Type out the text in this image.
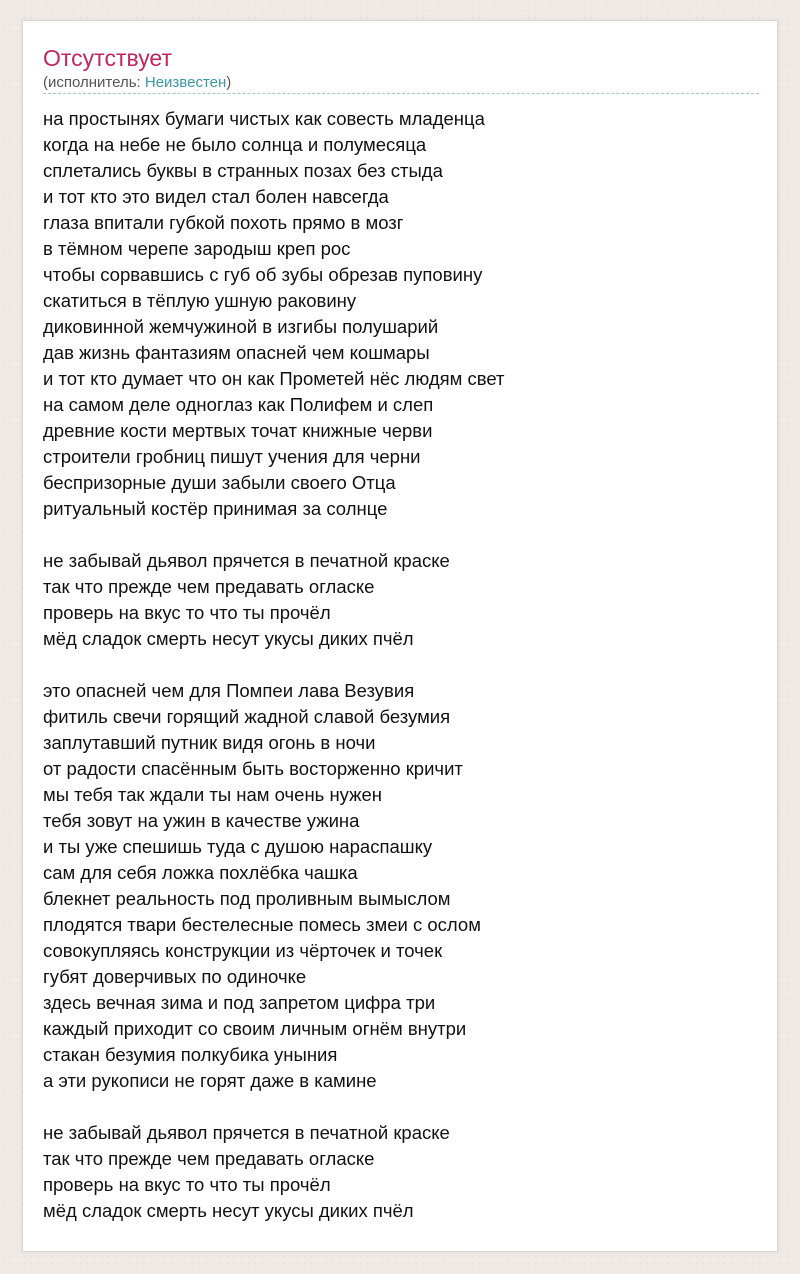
Отсутствует
(исполнитель: Неизвестен)
на простынях бумаги чистых как совесть младенца
когда на небе не было солнца и полумесяца
сплетались буквы в странных позах без стыда
и тот кто это видел стал болен навсегда
глаза впитали губкой похоть прямо в мозг
в тёмном черепе зародыш креп рос
чтобы сорвавшись с губ об зубы обрезав пуповину
скатиться в тёплую ушную раковину
диковинной жемчужиной в изгибы полушарий
дав жизнь фантазиям опасней чем кошмары
и тот кто думает что он как Прометей нёс людям свет
на самом деле одноглаз как Полифем и слеп
древние кости мертвых точат книжные черви
строители гробниц пишут учения для черни
беспризорные души забыли своего Отца
ритуальный костёр принимая за солнце
не забывай дьявол прячется в печатной краске
так что прежде чем предавать огласке
проверь на вкус то что ты прочёл
мёд сладок смерть несут укусы диких пчёл
это опасней чем для Помпеи лава Везувия
фитиль свечи горящий жадной славой безумия
заплутавший путник видя огонь в ночи
от радости спасённым быть восторженно кричит
мы тебя так ждали ты нам очень нужен
тебя зовут на ужин в качестве ужина
и ты уже спешишь туда с душою нараспашку
сам для себя ложка похлёбка чашка
блекнет реальность под проливным вымыслом
плодятся твари бестелесные помесь змеи с ослом
совокупляясь конструкции из чёрточек и точек
губят доверчивых по одиночке
здесь вечная зима и под запретом цифра три
каждый приходит со своим личным огнём внутри
стакан безумия полкубика уныния
а эти рукописи не горят даже в камине
не забывай дьявол прячется в печатной краске
так что прежде чем предавать огласке
проверь на вкус то что ты прочёл
мёд сладок смерть несут укусы диких пчёл
